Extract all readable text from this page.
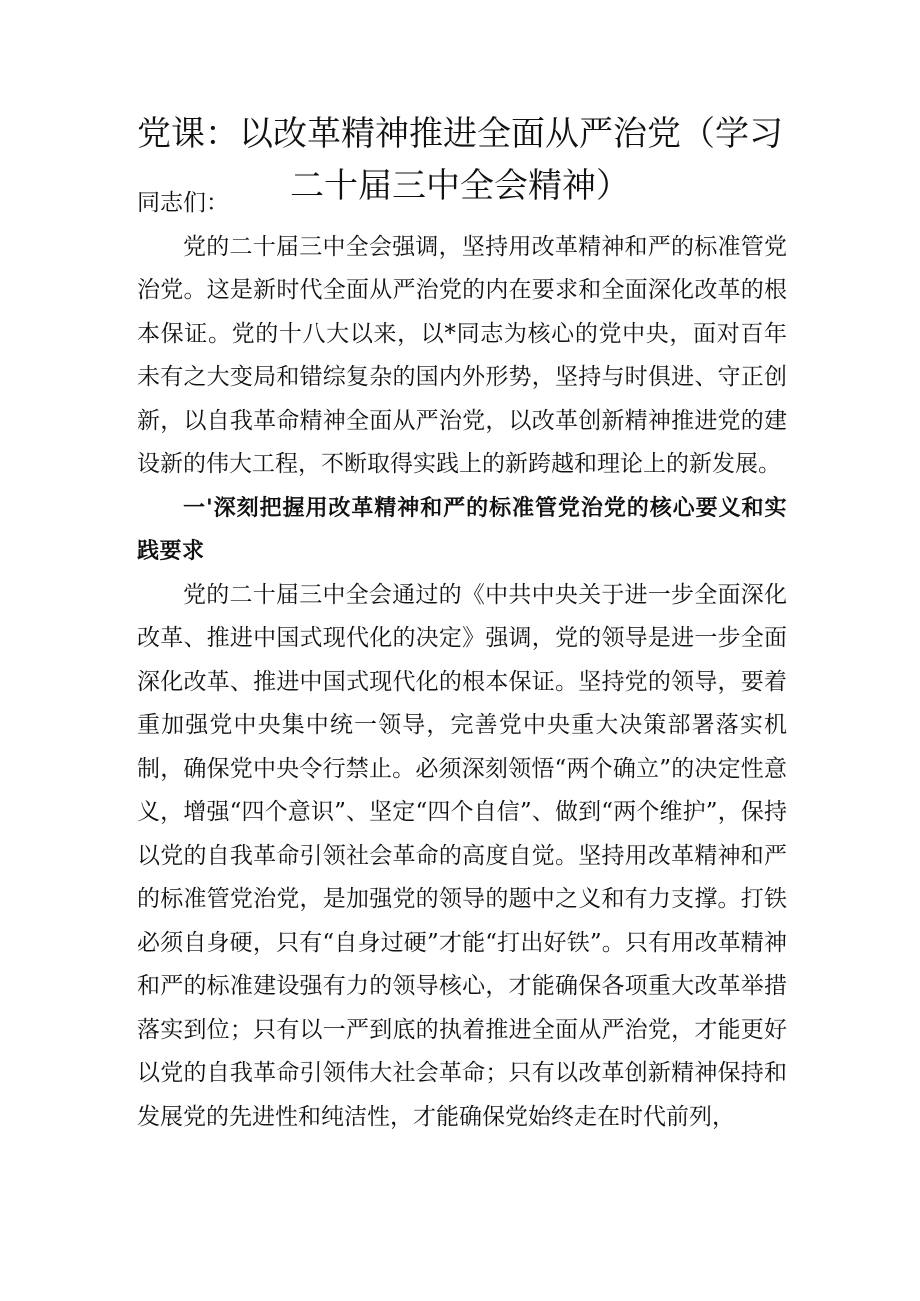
党课：以改革精神推进全面从严治党（学习
二十届三中全会精神）

同志们：

党的二十届三中全会强调，坚持用改革精神和严的标准管党治党。这是新时代全面从严治党的内在要求和全面深化改革的根本保证。党的十八大以来，以*同志为核心的党中央，面对百年未有之大变局和错综复杂的国内外形势，坚持与时俱进、守正创新，以自我革命精神全面从严治党，以改革创新精神推进党的建设新的伟大工程，不断取得实践上的新跨越和理论上的新发展。

一'深刻把握用改革精神和严的标准管党治党的核心要义和实践要求

党的二十届三中全会通过的《中共中央关于进一步全面深化改革、推进中国式现代化的决定》强调，党的领导是进一步全面深化改革、推进中国式现代化的根本保证。坚持党的领导，要着重加强党中央集中统一领导，完善党中央重大决策部署落实机制，确保党中央令行禁止。必须深刻领悟“两个确立”的决定性意义，增强“四个意识”、坚定“四个自信”、做到“两个维护”，保持以党的自我革命引领社会革命的高度自觉。坚持用改革精神和严的标准管党治党，是加强党的领导的题中之义和有力支撑。打铁必须自身硬，只有“自身过硬”才能“打出好铁”。只有用改革精神和严的标准建设强有力的领导核心，才能确保各项重大改革举措落实到位；只有以一严到底的执着推进全面从严治党，才能更好以党的自我革命引领伟大社会革命；只有以改革创新精神保持和发展党的先进性和纯洁性，才能确保党始终走在时代前列，
